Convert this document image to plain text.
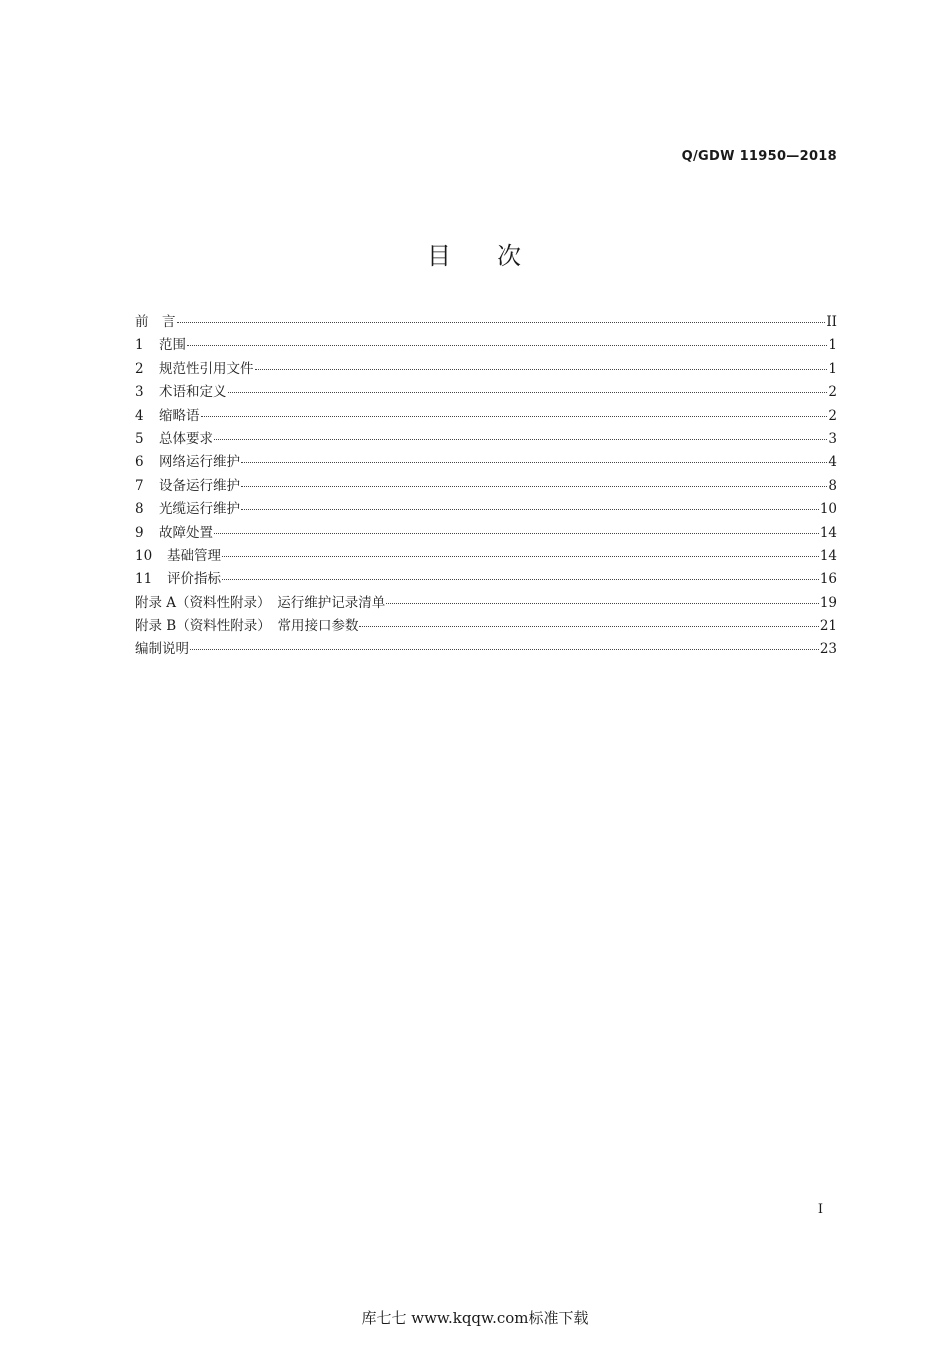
Q/GDW 11950—2018
目 次
前　言	II
1	范围	1
2	规范性引用文件	1
3	术语和定义	2
4	缩略语	2
5	总体要求	3
6	网络运行维护	4
7	设备运行维护	8
8	光缆运行维护	10
9	故障处置	14
10	基础管理	14
11	评价指标	16
附录 A（资料性附录）　运行维护记录清单	19
附录 B（资料性附录）　常用接口参数	21
编制说明	23
I
库七七 www.kqqw.com标准下载
